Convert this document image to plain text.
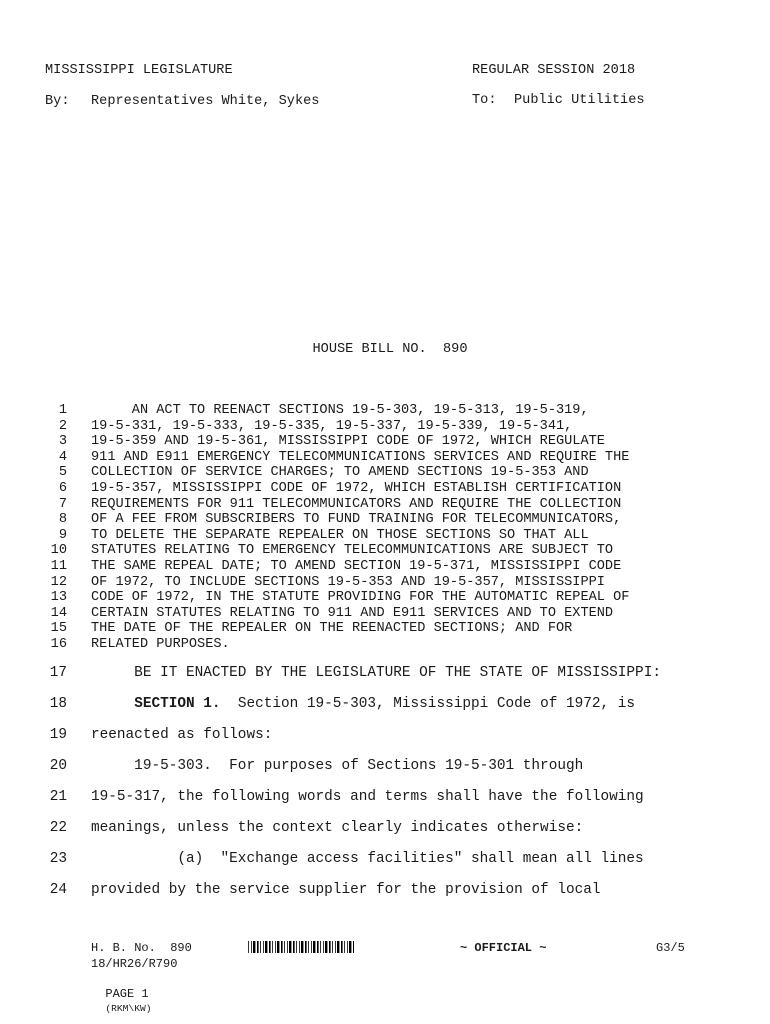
MISSISSIPPI LEGISLATURE	REGULAR SESSION 2018
By: Representatives White, Sykes	To: Public Utilities
HOUSE BILL NO.  890
1 AN ACT TO REENACT SECTIONS 19-5-303, 19-5-313, 19-5-319,
2 19-5-331, 19-5-333, 19-5-335, 19-5-337, 19-5-339, 19-5-341,
3 19-5-359 AND 19-5-361, MISSISSIPPI CODE OF 1972, WHICH REGULATE
4 911 AND E911 EMERGENCY TELECOMMUNICATIONS SERVICES AND REQUIRE THE
5 COLLECTION OF SERVICE CHARGES; TO AMEND SECTIONS 19-5-353 AND
6 19-5-357, MISSISSIPPI CODE OF 1972, WHICH ESTABLISH CERTIFICATION
7 REQUIREMENTS FOR 911 TELECOMMUNICATORS AND REQUIRE THE COLLECTION
8 OF A FEE FROM SUBSCRIBERS TO FUND TRAINING FOR TELECOMMUNICATORS,
9 TO DELETE THE SEPARATE REPEALER ON THOSE SECTIONS SO THAT ALL
10 STATUTES RELATING TO EMERGENCY TELECOMMUNICATIONS ARE SUBJECT TO
11 THE SAME REPEAL DATE; TO AMEND SECTION 19-5-371, MISSISSIPPI CODE
12 OF 1972, TO INCLUDE SECTIONS 19-5-353 AND 19-5-357, MISSISSIPPI
13 CODE OF 1972, IN THE STATUTE PROVIDING FOR THE AUTOMATIC REPEAL OF
14 CERTAIN STATUTES RELATING TO 911 AND E911 SERVICES AND TO EXTEND
15 THE DATE OF THE REPEALER ON THE REENACTED SECTIONS; AND FOR
16 RELATED PURPOSES.
17 BE IT ENACTED BY THE LEGISLATURE OF THE STATE OF MISSISSIPPI:
18	SECTION 1.  Section 19-5-303, Mississippi Code of 1972, is
19 reenacted as follows:
20 19-5-303.  For purposes of Sections 19-5-301 through
21 19-5-317, the following words and terms shall have the following
22 meanings, unless the context clearly indicates otherwise:
23 (a)  "Exchange access facilities" shall mean all lines
24 provided by the service supplier for the provision of local
H. B. No.  890	~ OFFICIAL ~	G3/5
18/HR26/R790

PAGE 1
(RKM\KW)
